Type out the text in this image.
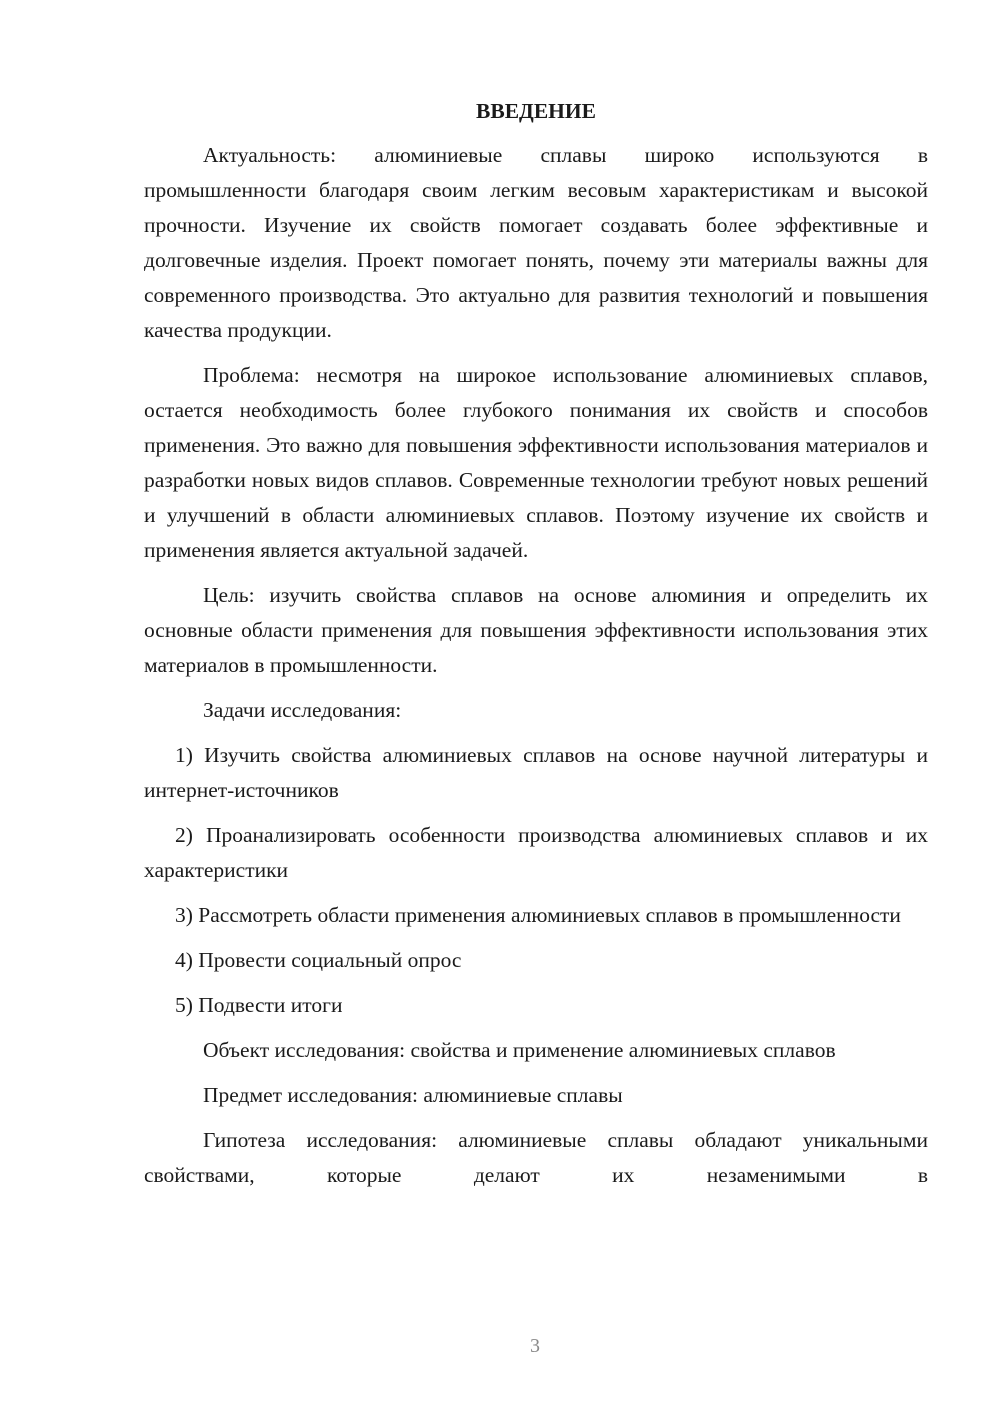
ВВЕДЕНИЕ

Актуальность: алюминиевые сплавы широко используются в промышленности благодаря своим легким весовым характеристикам и высокой прочности. Изучение их свойств помогает создавать более эффективные и долговечные изделия. Проект помогает понять, почему эти материалы важны для современного производства. Это актуально для развития технологий и повышения качества продукции.

Проблема: несмотря на широкое использование алюминиевых сплавов, остается необходимость более глубокого понимания их свойств и способов применения. Это важно для повышения эффективности использования материалов и разработки новых видов сплавов. Современные технологии требуют новых решений и улучшений в области алюминиевых сплавов. Поэтому изучение их свойств и применения является актуальной задачей.

Цель: изучить свойства сплавов на основе алюминия и определить их основные области применения для повышения эффективности использования этих материалов в промышленности.

Задачи исследования:

1) Изучить свойства алюминиевых сплавов на основе научной литературы и интернет-источников

2) Проанализировать особенности производства алюминиевых сплавов и их характеристики

3) Рассмотреть области применения алюминиевых сплавов в промышленности

4) Провести социальный опрос

5) Подвести итоги

Объект исследования: свойства и применение алюминиевых сплавов

Предмет исследования: алюминиевые сплавы

Гипотеза исследования: алюминиевые сплавы обладают уникальными свойствами, которые делают их незаменимыми в

3
